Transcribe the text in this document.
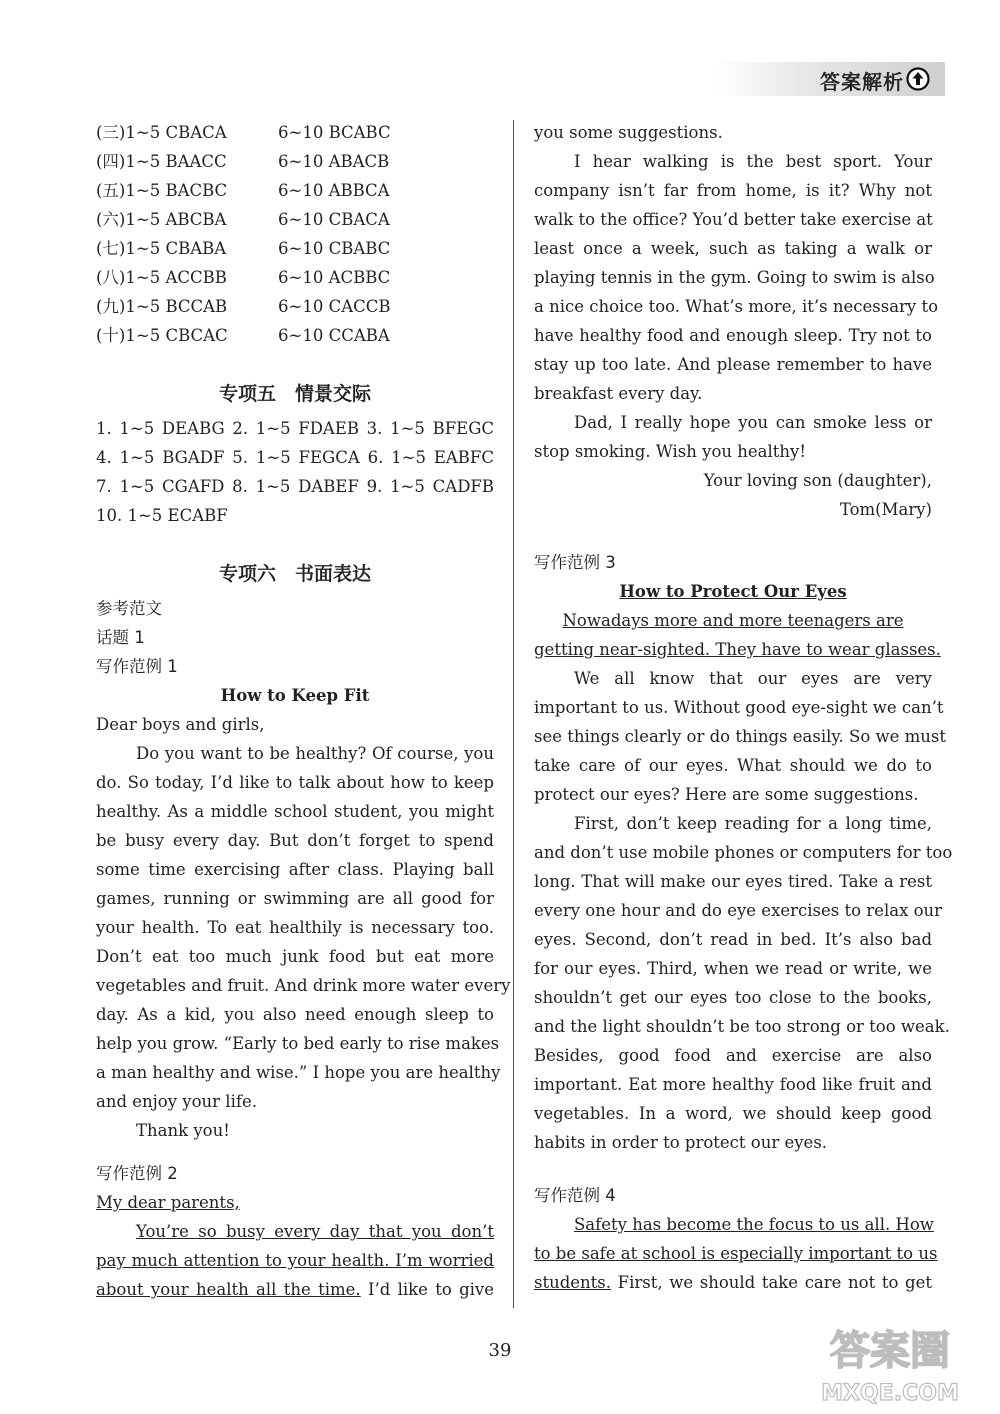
答案解析
(三)1~5 CBACA	6~10 BCABC
(四)1~5 BAACC	6~10 ABACB
(五)1~5 BACBC	6~10 ABBCA
(六)1~5 ABCBA	6~10 CBACA
(七)1~5 CBABA	6~10 CBABC
(八)1~5 ACCBB	6~10 ACBBC
(九)1~5 BCCAB	6~10 CACCB
(十)1~5 CBCAC	6~10 CCABA
专项五　情景交际
1. 1~5 DEABG 2. 1~5 FDAEB 3. 1~5 BFEGC
4. 1~5 BGADF 5. 1~5 FEGCA 6. 1~5 EABFC
7. 1~5 CGAFD 8. 1~5 DABEF 9. 1~5 CADFB
10. 1~5 ECABF
专项六　书面表达
参考范文
话题 1
写作范例 1
How to Keep Fit
Dear boys and girls,
Do you want to be healthy? Of course, you
do. So today, I’d like to talk about how to keep
healthy. As a middle school student, you might
be busy every day. But don’t forget to spend
some time exercising after class. Playing ball
games, running or swimming are all good for
your health. To eat healthily is necessary too.
Don’t eat too much junk food but eat more
vegetables and fruit. And drink more water every
day. As a kid, you also need enough sleep to
help you grow. “Early to bed early to rise makes
a man healthy and wise.” I hope you are healthy
and enjoy your life.
Thank you!
写作范例 2
My dear parents,
You’re so busy every day that you don’t
pay much attention to your health. I’m worried
about your health all the time. I’d like to give
you some suggestions.
I hear walking is the best sport. Your
company isn’t far from home, is it? Why not
walk to the office? You’d better take exercise at
least once a week, such as taking a walk or
playing tennis in the gym. Going to swim is also
a nice choice too. What’s more, it’s necessary to
have healthy food and enough sleep. Try not to
stay up too late. And please remember to have
breakfast every day.
Dad, I really hope you can smoke less or
stop smoking. Wish you healthy!
Your loving son (daughter),
Tom(Mary)
写作范例 3
How to Protect Our Eyes
Nowadays more and more teenagers are
getting near-sighted. They have to wear glasses.
We all know that our eyes are very
important to us. Without good eye-sight we can’t
see things clearly or do things easily. So we must
take care of our eyes. What should we do to
protect our eyes? Here are some suggestions.
First, don’t keep reading for a long time,
and don’t use mobile phones or computers for too
long. That will make our eyes tired. Take a rest
every one hour and do eye exercises to relax our
eyes. Second, don’t read in bed. It’s also bad
for our eyes. Third, when we read or write, we
shouldn’t get our eyes too close to the books,
and the light shouldn’t be too strong or too weak.
Besides, good food and exercise are also
important. Eat more healthy food like fruit and
vegetables. In a word, we should keep good
habits in order to protect our eyes.
写作范例 4
Safety has become the focus to us all. How
to be safe at school is especially important to us
students. First, we should take care not to get
39	答案圈
MXQE.COM
